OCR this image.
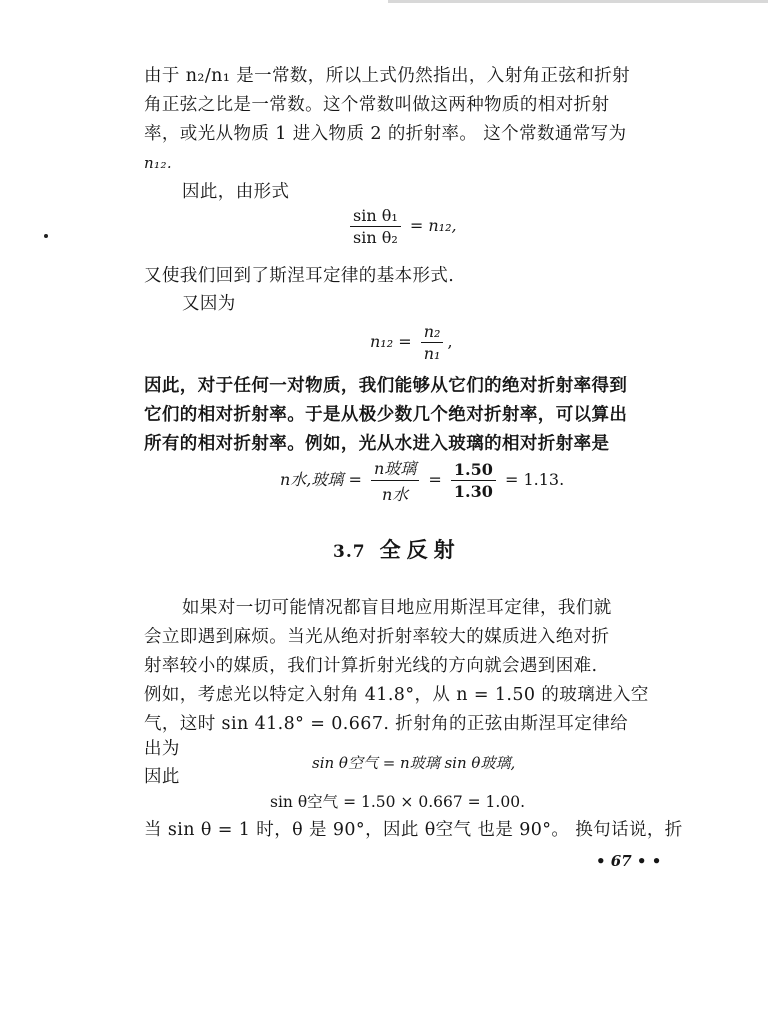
由于 n₂/n₁ 是一常数，所以上式仍然指出，入射角正弦和折射
角正弦之比是一常数。这个常数叫做这两种物质的相对折射
率，或光从物质 1 进入物质 2 的折射率。 这个常数通常写为
n₁₂.
因此，由形式
$\frac{\text{sin θ₁}}{\text{sin θ₂}} = n_{12}$,
又使我们回到了斯涅耳定律的基本形式.
又因为
$n_{12} = \frac{\text{n₂}}{\text{n₁}}$ ,
因此，对于任何一对物质，我们能够从它们的绝对折射率得到
它们的相对折射率。于是从极少数几个绝对折射率，可以算出
所有的相对折射率。例如，光从水进入玻璃的相对折射率是
n水,玻璃 = $\frac{\text{n玻璃}}{\text{n水}} = \frac{1.50}{1.30} = 1.13$.
3.7 全反射
如果对一切可能情况都盲目地应用斯涅耳定律，我们就
会立即遇到麻烦。当光从绝对折射率较大的媒质进入绝对折
射率较小的媒质，我们计算折射光线的方向就会遇到困难.
例如，考虑光以特定入射角 41.8°，从 n = 1.50 的玻璃进入空
气，这时 sin 41.8° = 0.667. 折射角的正弦由斯涅耳定律给
出为
sin θ空气 = n玻璃 sin θ玻璃,
因此
sin θ空气 = 1.50 × 0.667 = 1.00.
当 sin θ = 1 时，θ 是 90°，因此 θ空气 也是 90°。 换句话说，折
• 67 • •
